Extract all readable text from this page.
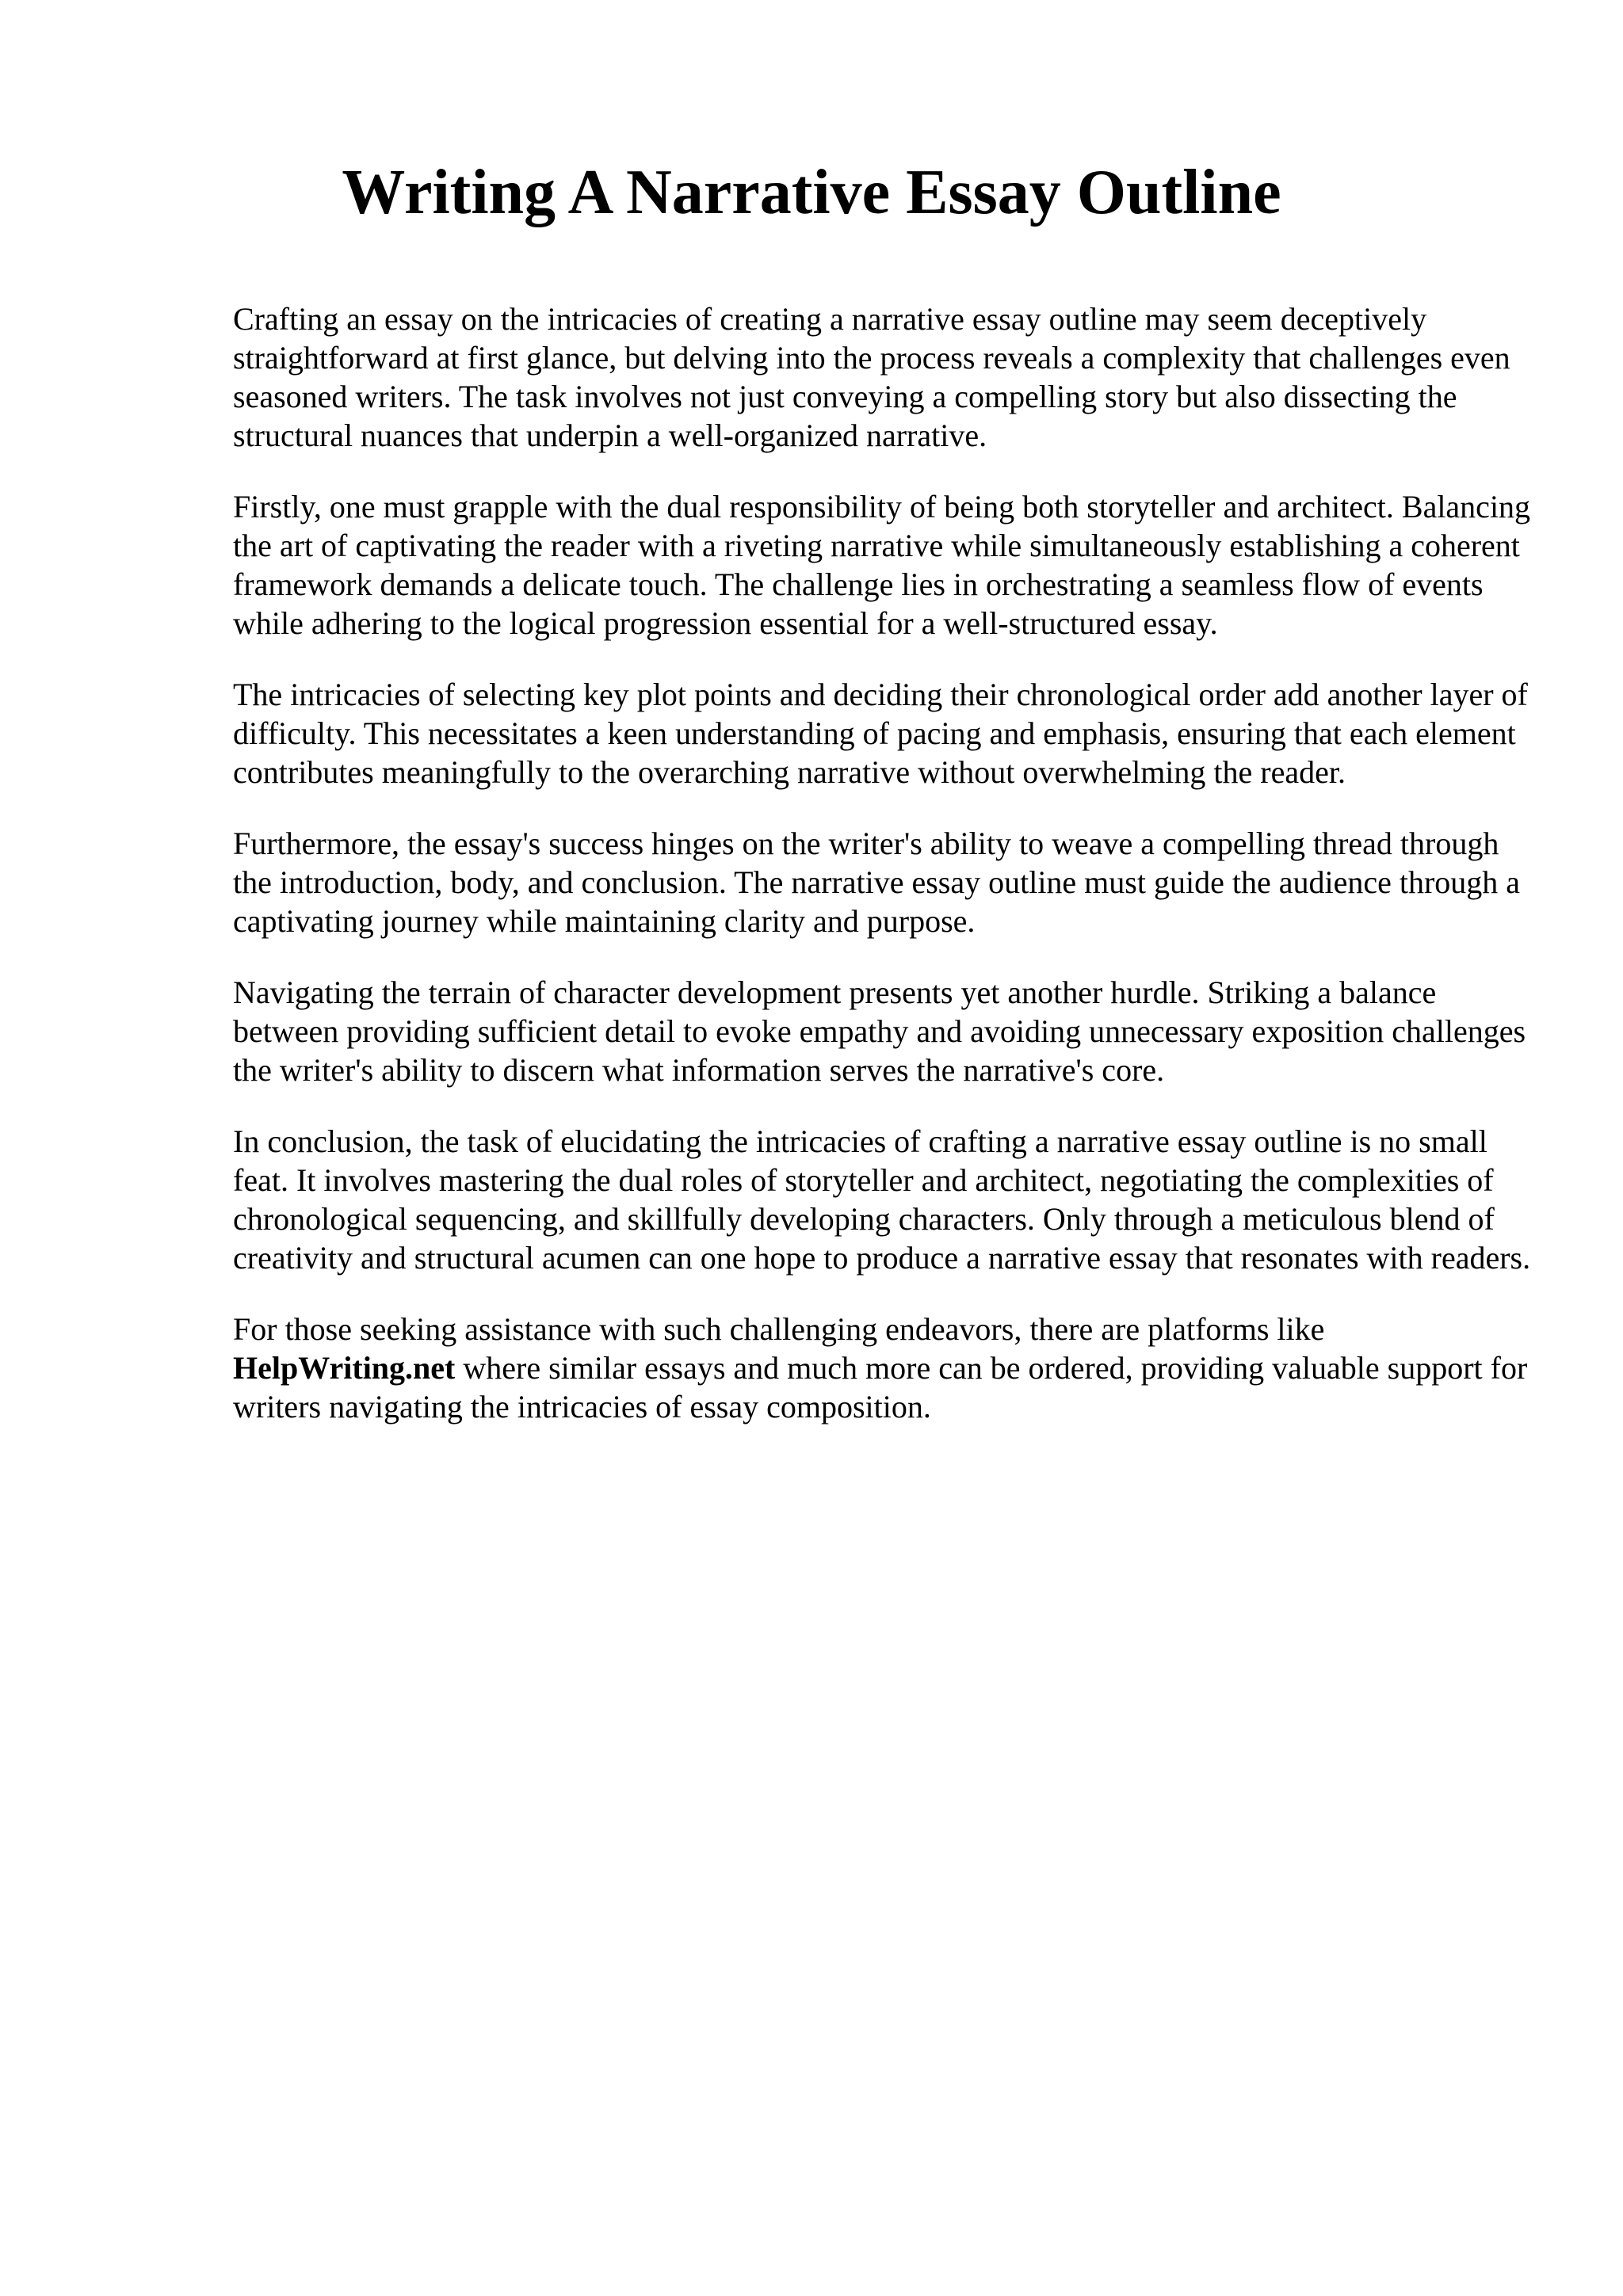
Writing A Narrative Essay Outline

Crafting an essay on the intricacies of creating a narrative essay outline may seem deceptively straightforward at first glance, but delving into the process reveals a complexity that challenges even seasoned writers. The task involves not just conveying a compelling story but also dissecting the structural nuances that underpin a well-organized narrative.

Firstly, one must grapple with the dual responsibility of being both storyteller and architect. Balancing the art of captivating the reader with a riveting narrative while simultaneously establishing a coherent framework demands a delicate touch. The challenge lies in orchestrating a seamless flow of events while adhering to the logical progression essential for a well-structured essay.

The intricacies of selecting key plot points and deciding their chronological order add another layer of difficulty. This necessitates a keen understanding of pacing and emphasis, ensuring that each element contributes meaningfully to the overarching narrative without overwhelming the reader.

Furthermore, the essay's success hinges on the writer's ability to weave a compelling thread through the introduction, body, and conclusion. The narrative essay outline must guide the audience through a captivating journey while maintaining clarity and purpose.

Navigating the terrain of character development presents yet another hurdle. Striking a balance between providing sufficient detail to evoke empathy and avoiding unnecessary exposition challenges the writer's ability to discern what information serves the narrative's core.

In conclusion, the task of elucidating the intricacies of crafting a narrative essay outline is no small feat. It involves mastering the dual roles of storyteller and architect, negotiating the complexities of chronological sequencing, and skillfully developing characters. Only through a meticulous blend of creativity and structural acumen can one hope to produce a narrative essay that resonates with readers.

For those seeking assistance with such challenging endeavors, there are platforms like HelpWriting.net where similar essays and much more can be ordered, providing valuable support for writers navigating the intricacies of essay composition.
